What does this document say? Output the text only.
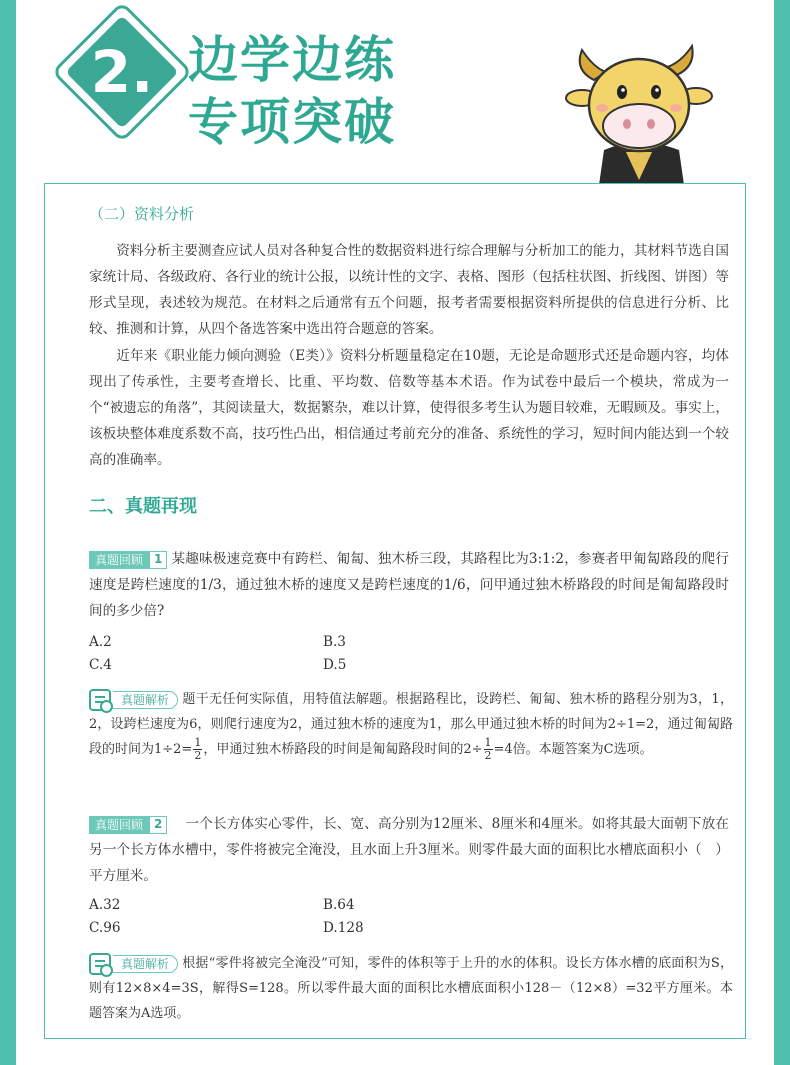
2. 边学边练
专项突破
（二）资料分析

资料分析主要测查应试人员对各种复合性的数据资料进行综合理解与分析加工的能力，其材料节选自国家统计局、各级政府、各行业的统计公报，以统计性的文字、表格、图形（包括柱状图、折线图、饼图）等形式呈现，表述较为规范。在材料之后通常有五个问题，报考者需要根据资料所提供的信息进行分析、比较、推测和计算，从四个备选答案中选出符合题意的答案。

近年来《职业能力倾向测验（E类）》资料分析题量稳定在10题，无论是命题形式还是命题内容，均体现出了传承性，主要考查增长、比重、平均数、倍数等基本术语。作为试卷中最后一个模块，常成为一个“被遗忘的角落”，其阅读量大，数据繁杂，难以计算，使得很多考生认为题目较难，无暇顾及。事实上，该板块整体难度系数不高，技巧性凸出，相信通过考前充分的准备、系统性的学习，短时间内能达到一个较高的准确率。

二、真题再现
真题回顾 1 某趣味极速竞赛中有跨栏、匍匐、独木桥三段，其路程比为3:1:2，参赛者甲匍匐路段的爬行速度是跨栏速度的1/3，通过独木桥的速度又是跨栏速度的1/6，问甲通过独木桥路段的时间是匍匐路段时间的多少倍?
A.2	B.3
C.4	D.5
真题解析	题干无任何实际值，用特值法解题。根据路程比，设跨栏、匍匐、独木桥的路程分别为3，1，2，设跨栏速度为6，则爬行速度为2，通过独木桥的速度为1，那么甲通过独木桥的时间为2÷1=2，通过匍匐路段的时间为$1\div 2= \frac{1}{2}$ ，甲通过独木桥路段的时间是匍匐路段时间的$2\div \frac{1}{2} =4$倍。本题答案为C选项。
真题回顾 2	一个长方体实心零件，长、宽、高分别为12厘米、8厘米和4厘米。如将其最大面朝下放在另一个长方体水槽中，零件将被完全淹没，且水面上升3厘米。则零件最大面的面积比水槽底面积小（　）平方厘米。
A.32	B.64
C.96	D.128
真题解析	根据“零件将被完全淹没”可知，零件的体积等于上升的水的体积。设长方体水槽的底面积为S，则有12×8×4=3S，解得S=128。所以零件最大面的面积比水槽底面积小128－（12×8）=32平方厘米。本题答案为A选项。
